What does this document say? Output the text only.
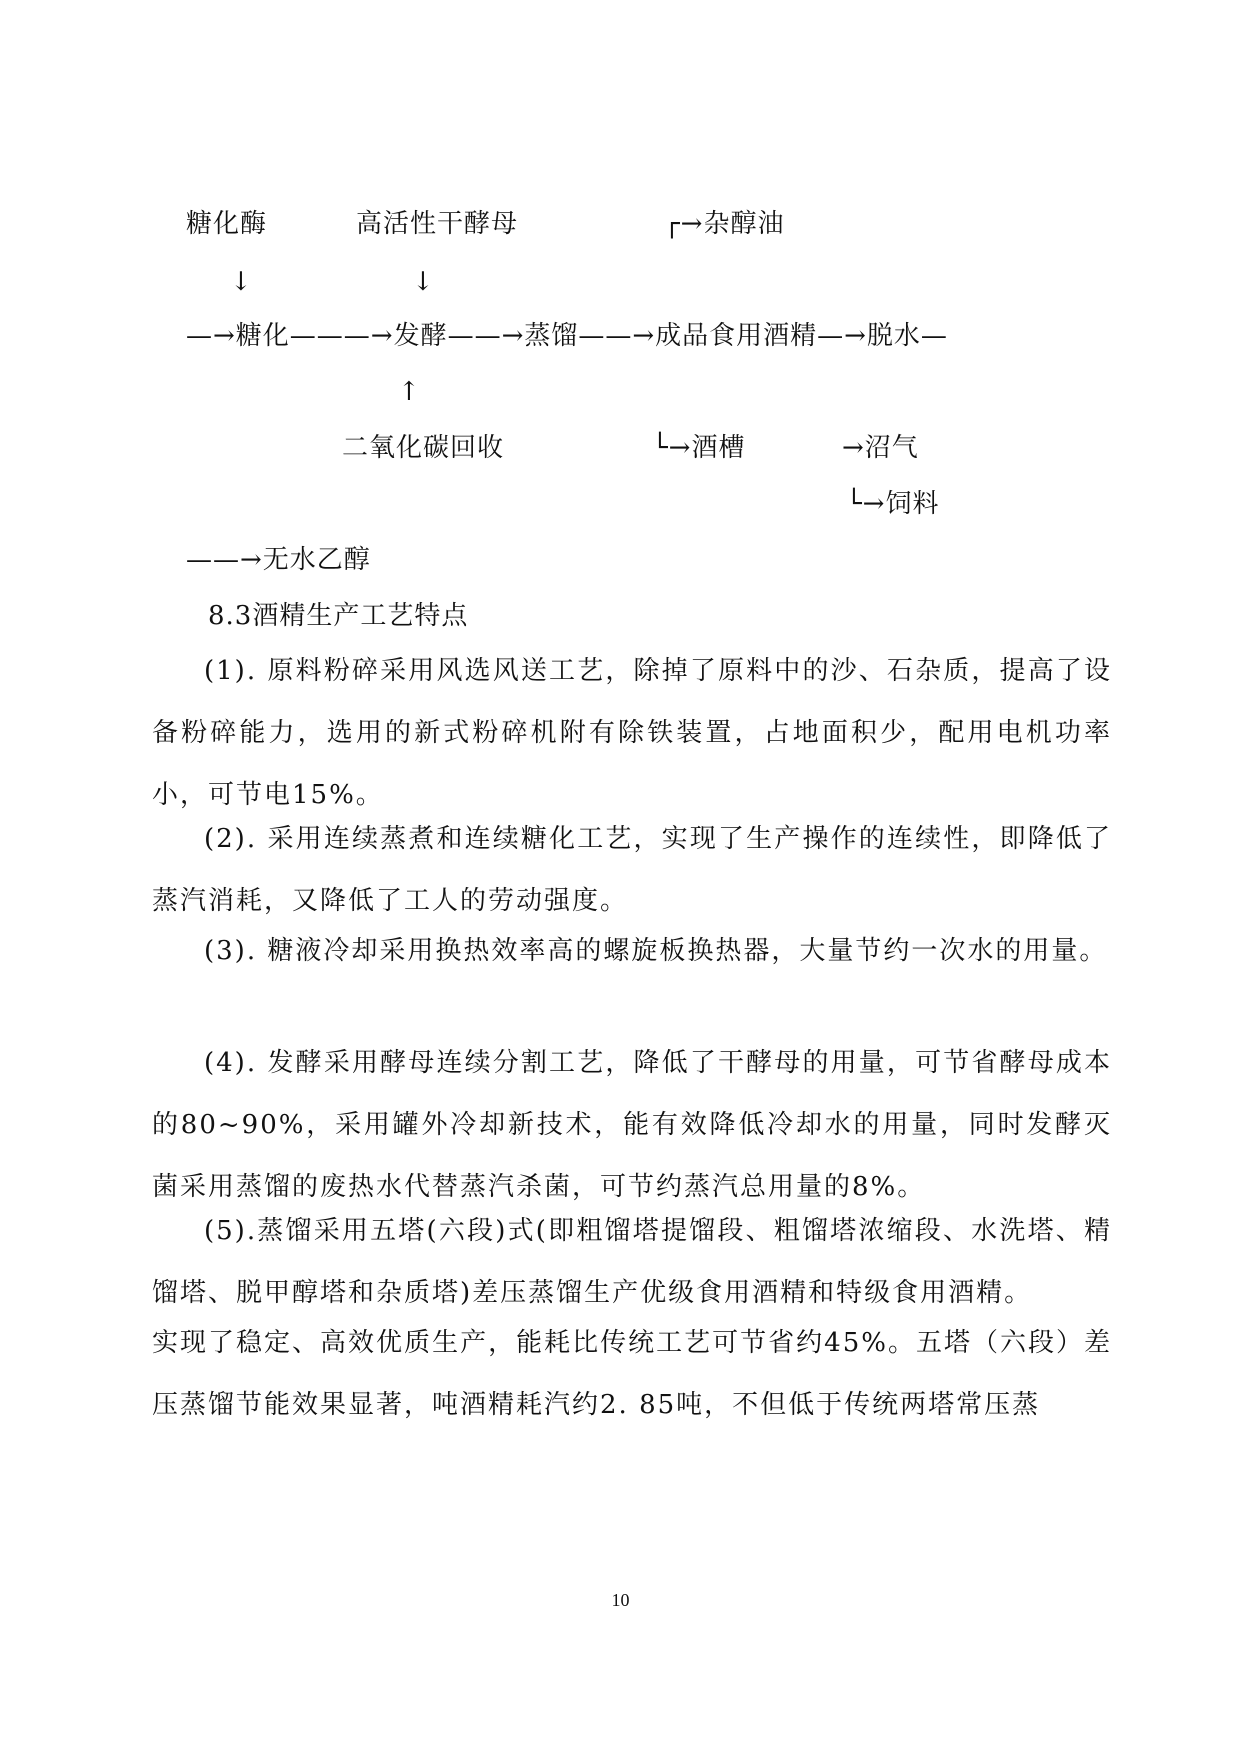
糖化酶	高活性干酵母	┌→杂醇油
↓	↓
—→糖化———→发酵——→蒸馏——→成品食用酒精—→脱水—
↑
二氧化碳回收	└→酒槽	→沼气
└→饲料
——→无水乙醇
8.3酒精生产工艺特点

(1). 原料粉碎采用风选风送工艺，除掉了原料中的沙、石杂质，提高了设备粉碎能力，选用的新式粉碎机附有除铁装置，占地面积少，配用电机功率小，可节电15%。

(2). 采用连续蒸煮和连续糖化工艺，实现了生产操作的连续性，即降低了蒸汽消耗，又降低了工人的劳动强度。

(3). 糖液冷却采用换热效率高的螺旋板换热器，大量节约一次水的用量。

(4). 发酵采用酵母连续分割工艺，降低了干酵母的用量，可节省酵母成本的80~90%，采用罐外冷却新技术，能有效降低冷却水的用量，同时发酵灭菌采用蒸馏的废热水代替蒸汽杀菌，可节约蒸汽总用量的8%。

(5).蒸馏采用五塔(六段)式(即粗馏塔提馏段、粗馏塔浓缩段、水洗塔、精馏塔、脱甲醇塔和杂质塔)差压蒸馏生产优级食用酒精和特级食用酒精。

实现了稳定、高效优质生产，能耗比传统工艺可节省约45%。五塔（六段）差压蒸馏节能效果显著，吨酒精耗汽约2. 85吨，不但低于传统两塔常压蒸

10
